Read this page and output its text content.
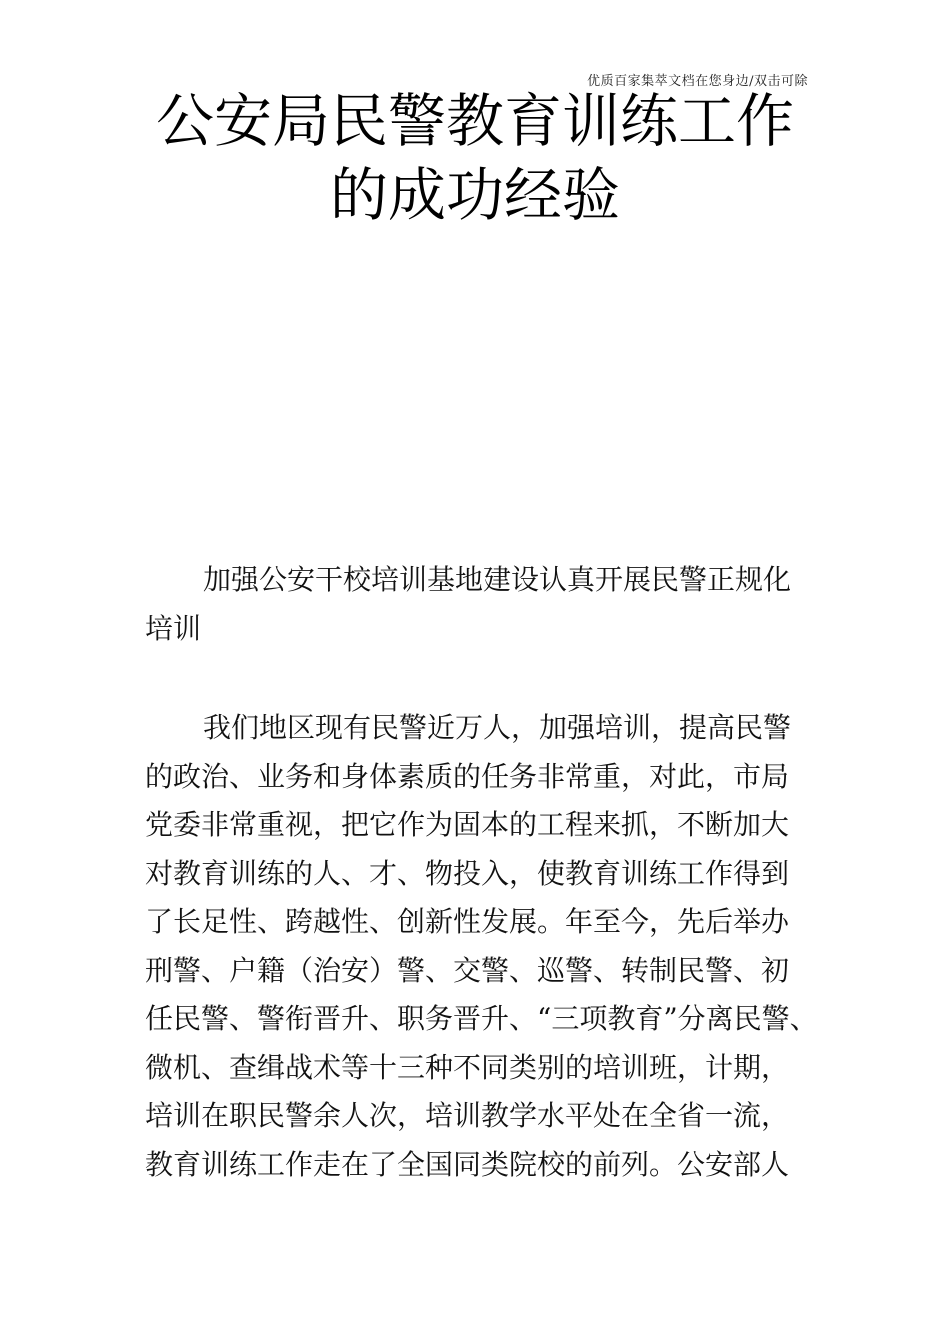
优质百家集萃文档在您身边/双击可除
公安局民警教育训练工作
的成功经验
加强公安干校培训基地建设认真开展民警正规化
培训
我们地区现有民警近万人，加强培训，提高民警
的政治、业务和身体素质的任务非常重，对此，市局
党委非常重视，把它作为固本的工程来抓，不断加大
对教育训练的人、才、物投入，使教育训练工作得到
了长足性、跨越性、创新性发展。年至今，先后举办
刑警、户籍（治安）警、交警、巡警、转制民警、初
任民警、警衔晋升、职务晋升、“三项教育”分离民警、
微机、查缉战术等十三种不同类别的培训班，计期，
培训在职民警余人次，培训教学水平处在全省一流，
教育训练工作走在了全国同类院校的前列。公安部人
